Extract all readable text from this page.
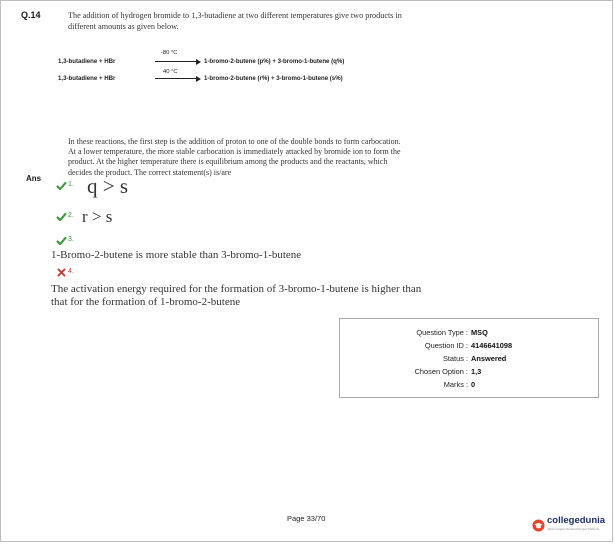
Q.14	The addition of hydrogen bromide to 1,3-butadiene at two different temperatures give two products in different amounts as given below.
1,3-butadiene + HBr
-80 °C
→ 1-bromo-2-butene (p%) + 3-bromo-1-butene (q%)
1,3-butadiene + HBr
40 °C
→ 1-bromo-2-butene (r%) + 3-bromo-1-butene (s%)
In these reactions, the first step is the addition of proton to one of the double bonds to form carbocation. At a lower temperature, the more stable carbocation is immediately attacked by bromide ion to form the product. At the higher temperature there is equilibrium among the products and the reactants, which decides the product. The correct statement(s) is/are
Ans
1. q > s
2. r > s
3.
1-Bromo-2-butene is more stable than 3-bromo-1-butene
4.
The activation energy required for the formation of 3-bromo-1-butene is higher than that for the formation of 1-bromo-2-butene
Question Type : MSQ
Question ID : 4146641098
Status : Answered
Chosen Option : 1,3
Marks : 0
Page 33/70	collegedunia
India's largest Student Review Platform
